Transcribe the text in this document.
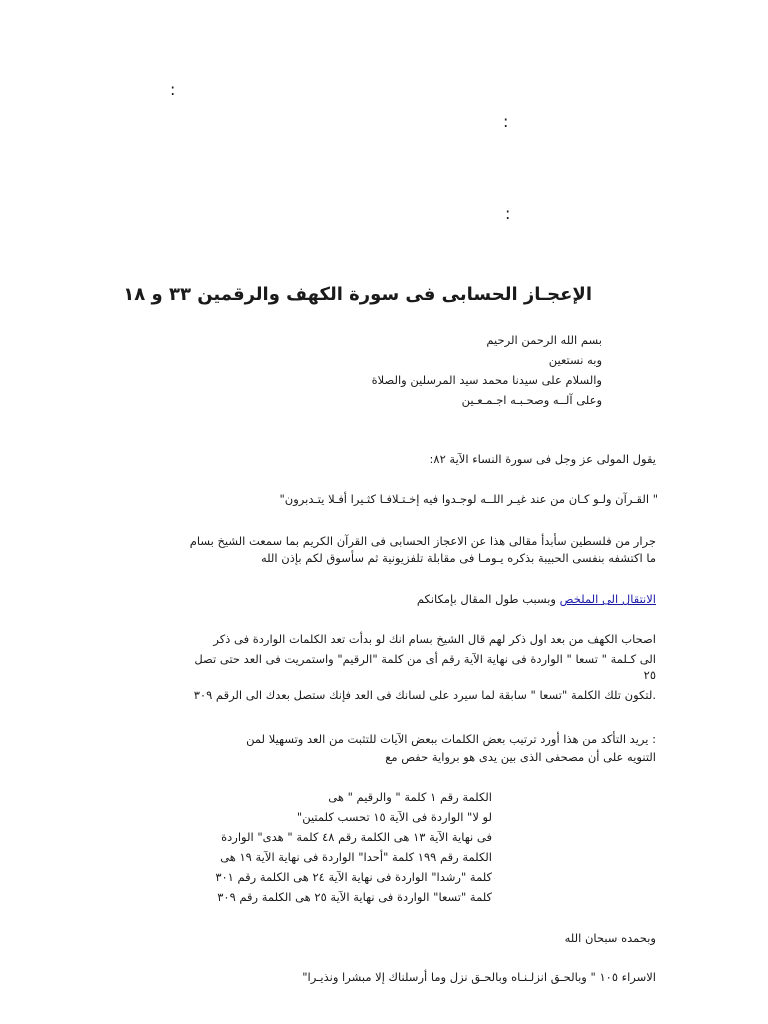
:
:
:
الإعجـاز الحسابى فى سورة الكهف والرقمين ٣٣ و ١٨
بسم الله الرحمن الرحيم
وبه نستعين
والسلام على سيدنا محمد سيد المرسلين والصلاة
وعلى آلــه وصحـبـه اجـمـعـين
يقول المولى عز وجل فى سورة النساء الآية ٨٢:
" القـرآن ولـو كـان من عند غيـر اللــه لوجـدوا فيه إخـتـلافـا كثـيرا أفـلا يتـدبرون"
جرار من فلسطين سأبدأ مقالى هذا عن الاعجاز الحسابى فى القرآن الكريم بما سمعت الشيخ بسام
ما اكتشفه بنفسى الحبيبة بذكره يـومـا فى مقابلة تلفزيونية ثم سأسوق لكم بإذن الله
الانتقال الى الملخص وبسبب طول المقال بإمكانكم
اصحاب الكهف من بعد اول ذكر لهم قال الشيخ بسام انك لو بدأت تعد الكلمات الواردة فى ذكر
الى كـلمة " تسعا " الواردة فى نهاية الآية رقم أى من كلمة "الرقيم" واستمريت فى العد حتى تصل
٢٥
.لتكون تلك الكلمة "تسعا " سابقة لما سيرد على لسانك فى العد فإنك ستصل بعدك الى الرقم ٣٠٩
: يريد التأكد من هذا أورد ترتيب بعض الكلمات ببعض الآيات للتثبت من العد وتسهيلا لمن
التنويه على أن مصحفى الذى بين يدى هو برواية حفص مع
الكلمة رقم ١ كلمة " والرقيم " هى
لو لا" الواردة فى الآية ١٥ تحسب كلمتين"
فى نهاية الآية ١٣ هى الكلمة رقم ٤٨ كلمة " هدى" الواردة
الكلمة رقم ١٩٩ كلمة "أحدا" الواردة فى نهاية الآية ١٩ هى
كلمة "رشدا" الواردة فى نهاية الآية ٢٤ هى الكلمة رقم ٣٠١
كلمة "تسعا" الواردة فى نهاية الآية ٢٥ هى الكلمة رقم ٣٠٩
وبحمده سبحان الله
الاسراء ١٠٥ " وبالحـق انزلـنـاه وبالحـق نزل وما أرسلناك إلا مبشرا ونذيـرا"
